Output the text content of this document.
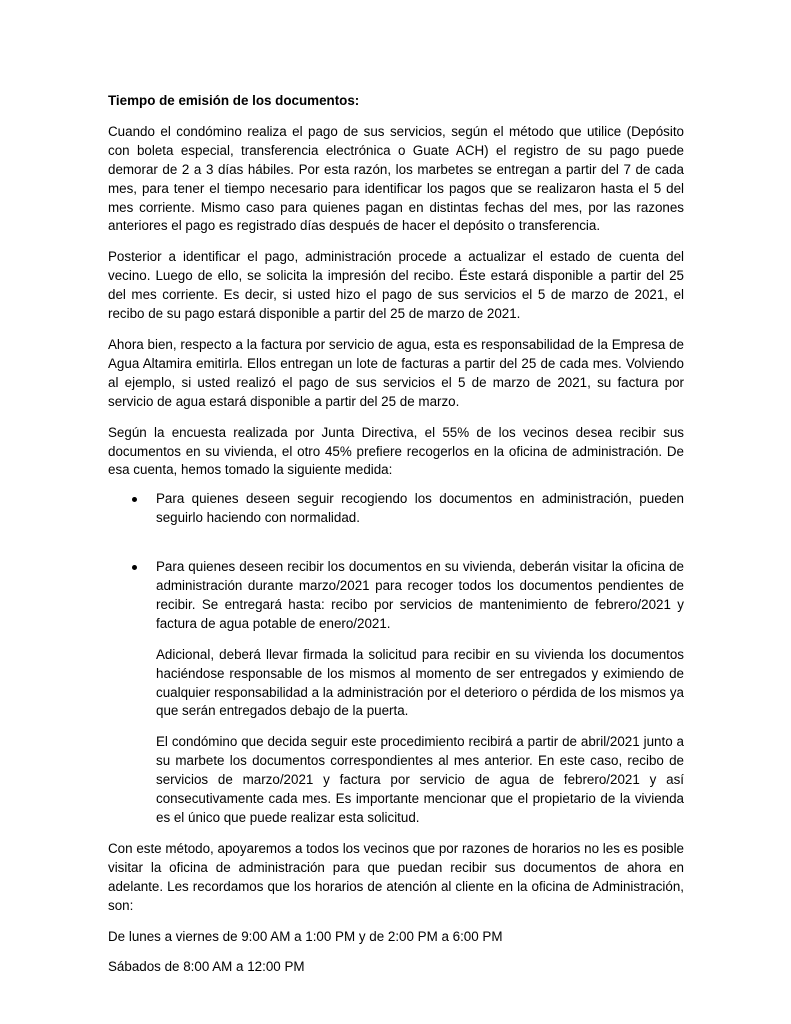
Tiempo de emisión de los documentos:

Cuando el condómino realiza el pago de sus servicios, según el método que utilice (Depósito con boleta especial, transferencia electrónica o Guate ACH) el registro de su pago puede demorar de 2 a 3 días hábiles. Por esta razón, los marbetes se entregan a partir del 7 de cada mes, para tener el tiempo necesario para identificar los pagos que se realizaron hasta el 5 del mes corriente. Mismo caso para quienes pagan en distintas fechas del mes, por las razones anteriores el pago es registrado días después de hacer el depósito o transferencia.

Posterior a identificar el pago, administración procede a actualizar el estado de cuenta del vecino. Luego de ello, se solicita la impresión del recibo. Éste estará disponible a partir del 25 del mes corriente. Es decir, si usted hizo el pago de sus servicios el 5 de marzo de 2021, el recibo de su pago estará disponible a partir del 25 de marzo de 2021.

Ahora bien, respecto a la factura por servicio de agua, esta es responsabilidad de la Empresa de Agua Altamira emitirla. Ellos entregan un lote de facturas a partir del 25 de cada mes. Volviendo al ejemplo, si usted realizó el pago de sus servicios el 5 de marzo de 2021, su factura por servicio de agua estará disponible a partir del 25 de marzo.

Según la encuesta realizada por Junta Directiva, el 55% de los vecinos desea recibir sus documentos en su vivienda, el otro 45% prefiere recogerlos en la oficina de administración. De esa cuenta, hemos tomado la siguiente medida:

Para quienes deseen seguir recogiendo los documentos en administración, pueden seguirlo haciendo con normalidad.

Para quienes deseen recibir los documentos en su vivienda, deberán visitar la oficina de administración durante marzo/2021 para recoger todos los documentos pendientes de recibir. Se entregará hasta: recibo por servicios de mantenimiento de febrero/2021 y factura de agua potable de enero/2021.

Adicional, deberá llevar firmada la solicitud para recibir en su vivienda los documentos haciéndose responsable de los mismos al momento de ser entregados y eximiendo de cualquier responsabilidad a la administración por el deterioro o pérdida de los mismos ya que serán entregados debajo de la puerta.

El condómino que decida seguir este procedimiento recibirá a partir de abril/2021 junto a su marbete los documentos correspondientes al mes anterior. En este caso, recibo de servicios de marzo/2021 y factura por servicio de agua de febrero/2021 y así consecutivamente cada mes. Es importante mencionar que el propietario de la vivienda es el único que puede realizar esta solicitud.

Con este método, apoyaremos a todos los vecinos que por razones de horarios no les es posible visitar la oficina de administración para que puedan recibir sus documentos de ahora en adelante. Les recordamos que los horarios de atención al cliente en la oficina de Administración, son:

De lunes a viernes de 9:00 AM a 1:00 PM y de 2:00 PM a 6:00 PM

Sábados de 8:00 AM a 12:00 PM
